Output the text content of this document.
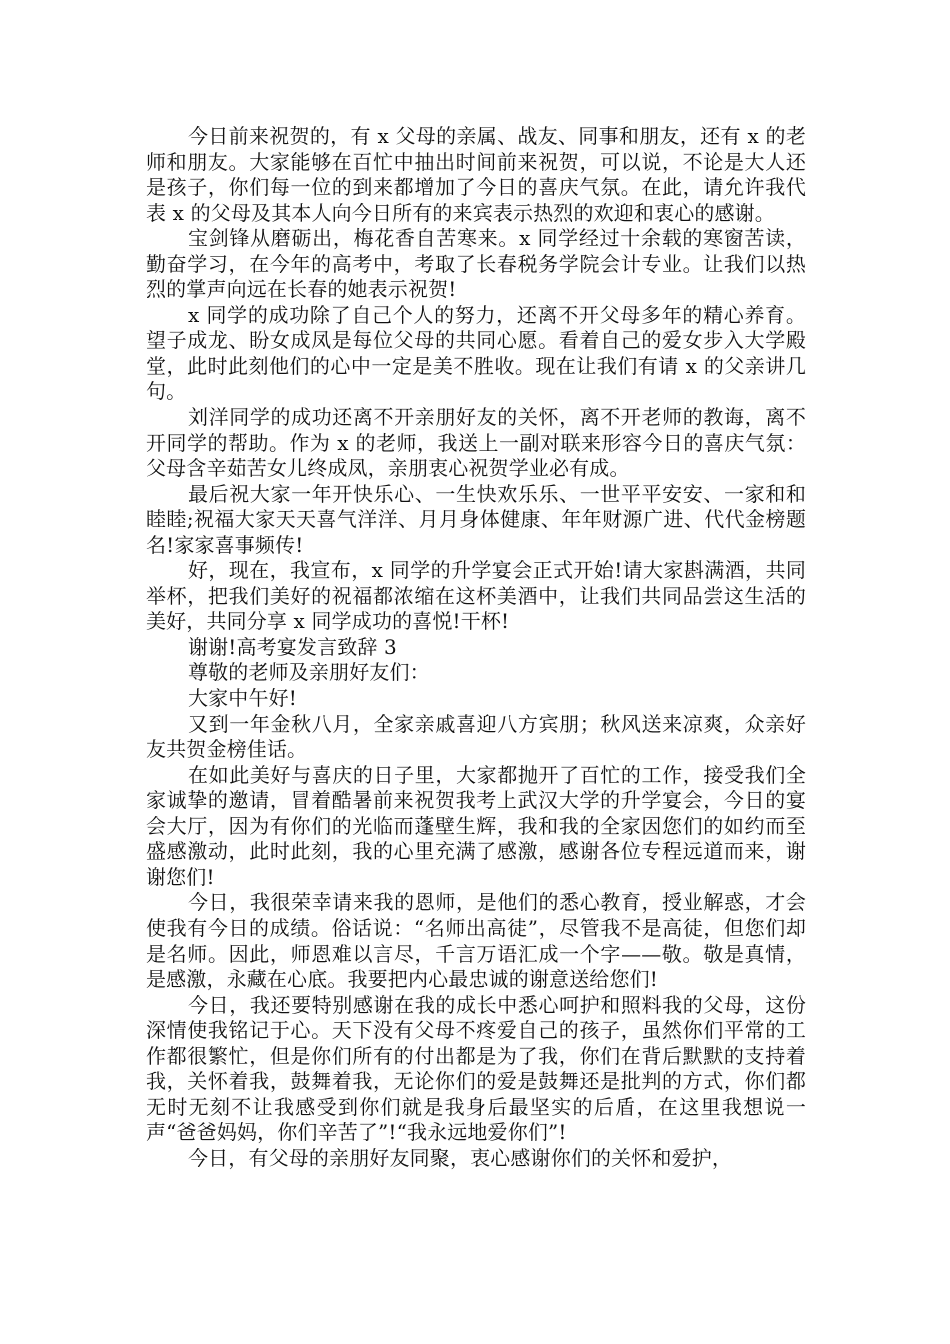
今日前来祝贺的，有 x 父母的亲属、战友、同事和朋友，还有 x 的老师和朋友。大家能够在百忙中抽出时间前来祝贺，可以说，不论是大人还是孩子，你们每一位的到来都增加了今日的喜庆气氛。在此，请允许我代表 x 的父母及其本人向今日所有的来宾表示热烈的欢迎和衷心的感谢。

宝剑锋从磨砺出，梅花香自苦寒来。x 同学经过十余载的寒窗苦读，勤奋学习，在今年的高考中，考取了长春税务学院会计专业。让我们以热烈的掌声向远在长春的她表示祝贺!

x 同学的成功除了自己个人的努力，还离不开父母多年的精心养育。望子成龙、盼女成凤是每位父母的共同心愿。看着自己的爱女步入大学殿堂，此时此刻他们的心中一定是美不胜收。现在让我们有请 x 的父亲讲几句。

刘洋同学的成功还离不开亲朋好友的关怀，离不开老师的教诲，离不开同学的帮助。作为 x 的老师，我送上一副对联来形容今日的喜庆气氛：父母含辛茹苦女儿终成凤，亲朋衷心祝贺学业必有成。

最后祝大家一年开快乐心、一生快欢乐乐、一世平平安安、一家和和睦睦;祝福大家天天喜气洋洋、月月身体健康、年年财源广进、代代金榜题名!家家喜事频传!

好，现在，我宣布，x 同学的升学宴会正式开始!请大家斟满酒，共同举杯，把我们美好的祝福都浓缩在这杯美酒中，让我们共同品尝这生活的美好，共同分享 x 同学成功的喜悦!干杯!

谢谢!高考宴发言致辞 3

尊敬的老师及亲朋好友们：

大家中午好!

又到一年金秋八月，全家亲戚喜迎八方宾朋；秋风送来凉爽，众亲好友共贺金榜佳话。

在如此美好与喜庆的日子里，大家都抛开了百忙的工作，接受我们全家诚挚的邀请，冒着酷暑前来祝贺我考上武汉大学的升学宴会，今日的宴会大厅，因为有你们的光临而蓬壁生辉，我和我的全家因您们的如约而至盛感激动，此时此刻，我的心里充满了感激，感谢各位专程远道而来，谢谢您们!

今日，我很荣幸请来我的恩师，是他们的悉心教育，授业解惑，才会使我有今日的成绩。俗话说：“名师出高徒”，尽管我不是高徒，但您们却是名师。因此，师恩难以言尽，千言万语汇成一个字——敬。敬是真情，是感激，永藏在心底。我要把内心最忠诚的谢意送给您们!

今日，我还要特别感谢在我的成长中悉心呵护和照料我的父母，这份深情使我铭记于心。天下没有父母不疼爱自己的孩子，虽然你们平常的工作都很繁忙，但是你们所有的付出都是为了我，你们在背后默默的支持着我，关怀着我，鼓舞着我，无论你们的爱是鼓舞还是批判的方式，你们都无时无刻不让我感受到你们就是我身后最坚实的后盾，在这里我想说一声“爸爸妈妈，你们辛苦了”!“我永远地爱你们”!

今日，有父母的亲朋好友同聚，衷心感谢你们的关怀和爱护，
